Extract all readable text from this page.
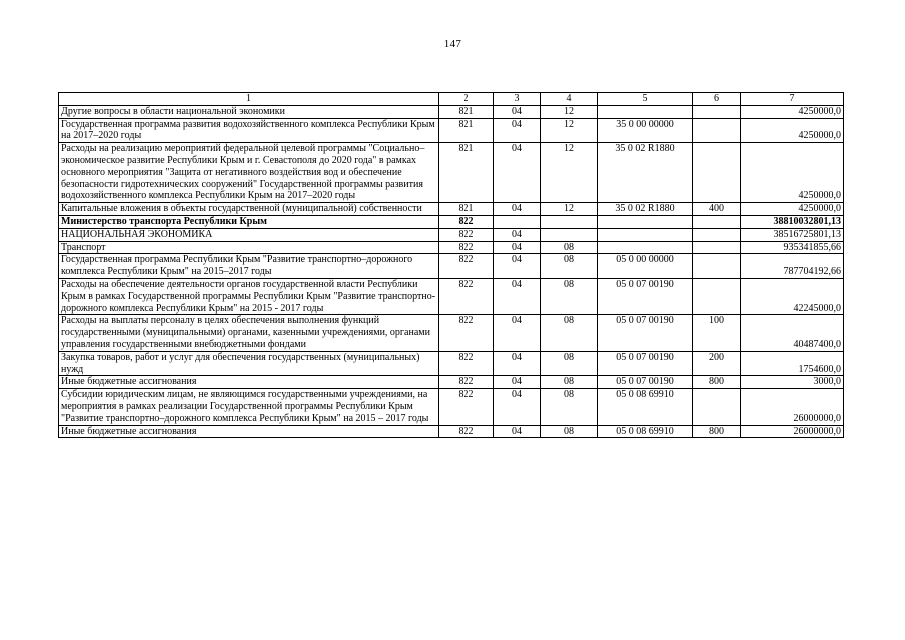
147
1	2	3	4	5	6	7
Другие вопросы в области национальной экономики	821	04	12			4250000,0
Государственная программа развития водохозяйственного комплекса Республики Крым на 2017–2020 годы	821	04	12	35 0 00 00000		4250000,0
Расходы на реализацию мероприятий федеральной целевой программы "Социально–экономическое развитие Республики Крым и г. Севастополя до 2020 года" в рамках основного мероприятия "Защита от негативного воздействия вод и обеспечение безопасности гидротехнических сооружений" Государственной программы развития водохозяйственного комплекса Республики Крым на 2017–2020 годы	821	04	12	35 0 02 R1880		4250000,0
Капитальные вложения в объекты государственной (муниципальной) собственности	821	04	12	35 0 02 R1880	400	4250000,0
Министерство транспорта Республики Крым	822					38810032801,13
НАЦИОНАЛЬНАЯ ЭКОНОМИКА	822	04				38516725801,13
Транспорт	822	04	08			935341855,66
Государственная программа Республики Крым "Развитие транспортно–дорожного комплекса Республики Крым" на 2015–2017 годы	822	04	08	05 0 00 00000		787704192,66
Расходы на обеспечение деятельности органов государственной власти Республики Крым в рамках Государственной программы Республики Крым "Развитие транспортно-дорожного комплекса Республики Крым" на 2015 - 2017 годы	822	04	08	05 0 07 00190		42245000,0
Расходы на выплаты персоналу в целях обеспечения выполнения функций государственными (муниципальными) органами, казенными учреждениями, органами управления государственными внебюджетными фондами	822	04	08	05 0 07 00190	100	40487400,0
Закупка товаров, работ и услуг для обеспечения государственных (муниципальных) нужд	822	04	08	05 0 07 00190	200	1754600,0
Иные бюджетные ассигнования	822	04	08	05 0 07 00190	800	3000,0
Субсидии юридическим лицам, не являющимся государственными учреждениями, на мероприятия в рамках реализации Государственной программы Республики Крым "Развитие транспортно–дорожного комплекса Республики Крым" на 2015 – 2017 годы	822	04	08	05 0 08 69910		26000000,0
Иные бюджетные ассигнования	822	04	08	05 0 08 69910	800	26000000,0
